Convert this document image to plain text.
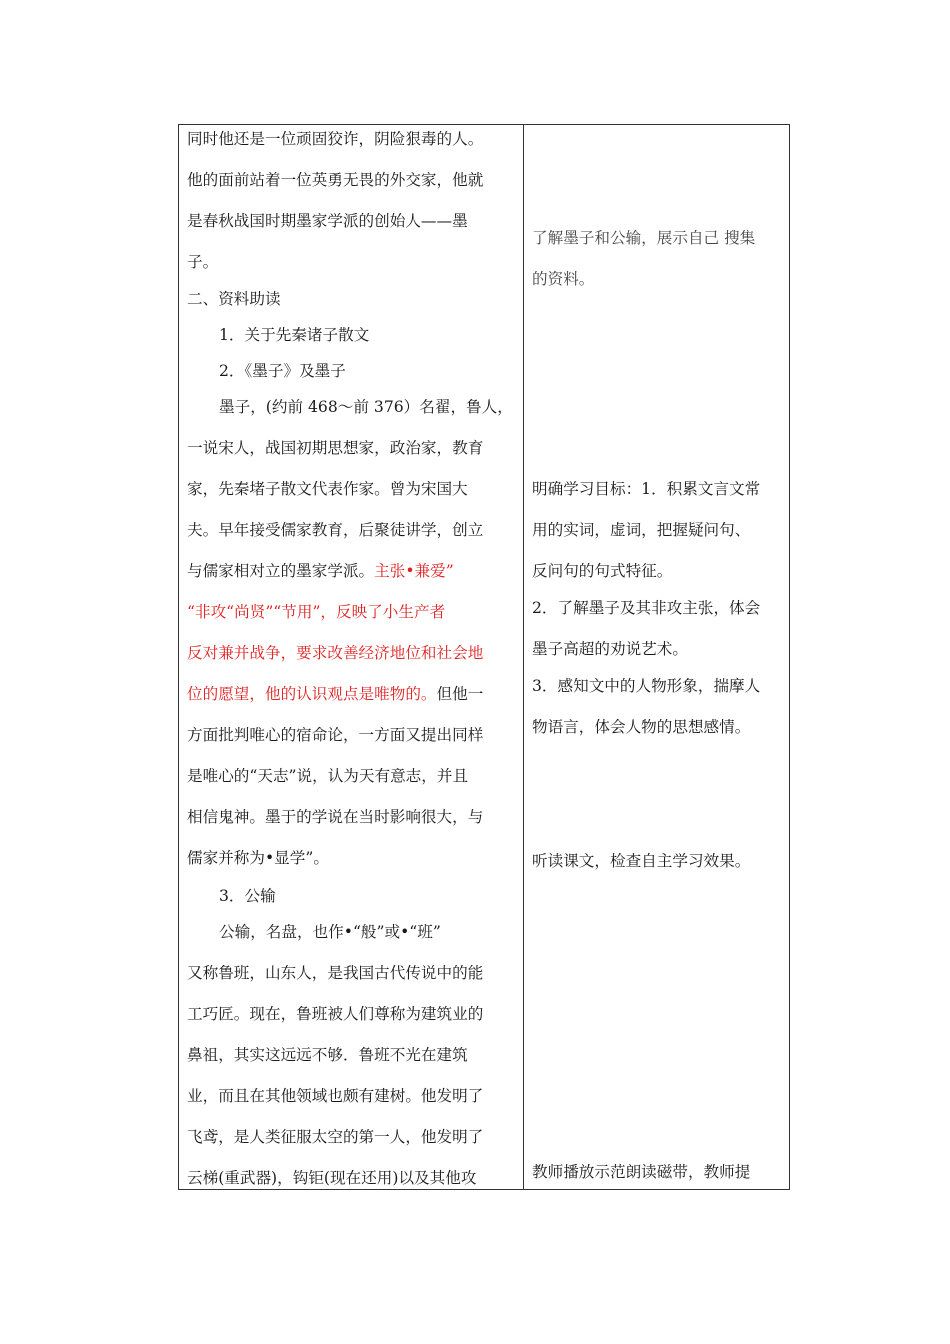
同时他还是一位顽固狡诈，阴险狠毒的人。
他的面前站着一位英勇无畏的外交家，他就
是春秋战国时期墨家学派的创始人——墨
子。
二、资料助读
1．关于先秦诸子散文
2．《墨子》及墨子
墨子，(约前 468～前 376）名翟，鲁人，
一说宋人，战国初期思想家，政治家，教育
家，先秦堵子散文代表作家。曾为宋国大
夫。早年接受儒家教育，后聚徒讲学，创立
与儒家相对立的墨家学派。主张•兼爱”
“非攻“尚贤”“节用”，反映了小生产者
反对兼并战争，要求改善经济地位和社会地
位的愿望，他的认识观点是唯物的。但他一
方面批判唯心的宿命论，一方面又提出同样
是唯心的“天志”说，认为天有意志，并且
相信鬼神。墨于的学说在当时影响很大，与
儒家并称为•显学”。
3．公输
公输，名盘，也作•“般”或•“班”
又称鲁班，山东人，是我国古代传说中的能
工巧匠。现在，鲁班被人们尊称为建筑业的
鼻祖，其实这远远不够．鲁班不光在建筑
业，而且在其他领域也颇有建树。他发明了
飞鸢，是人类征服太空的第一人，他发明了
云梯(重武器)，钩钜(现在还用)以及其他攻
了解墨子和公输，展示自己 搜集
的资料。
明确学习目标：1．积累文言文常
用的实词，虚词，把握疑问句、
反问句的句式特征。
2．了解墨子及其非攻主张，体会
墨子高超的劝说艺术。
3．感知文中的人物形象，揣摩人
物语言，体会人物的思想感情。
听读课文，检查自主学习效果。
教师播放示范朗读磁带，教师提
